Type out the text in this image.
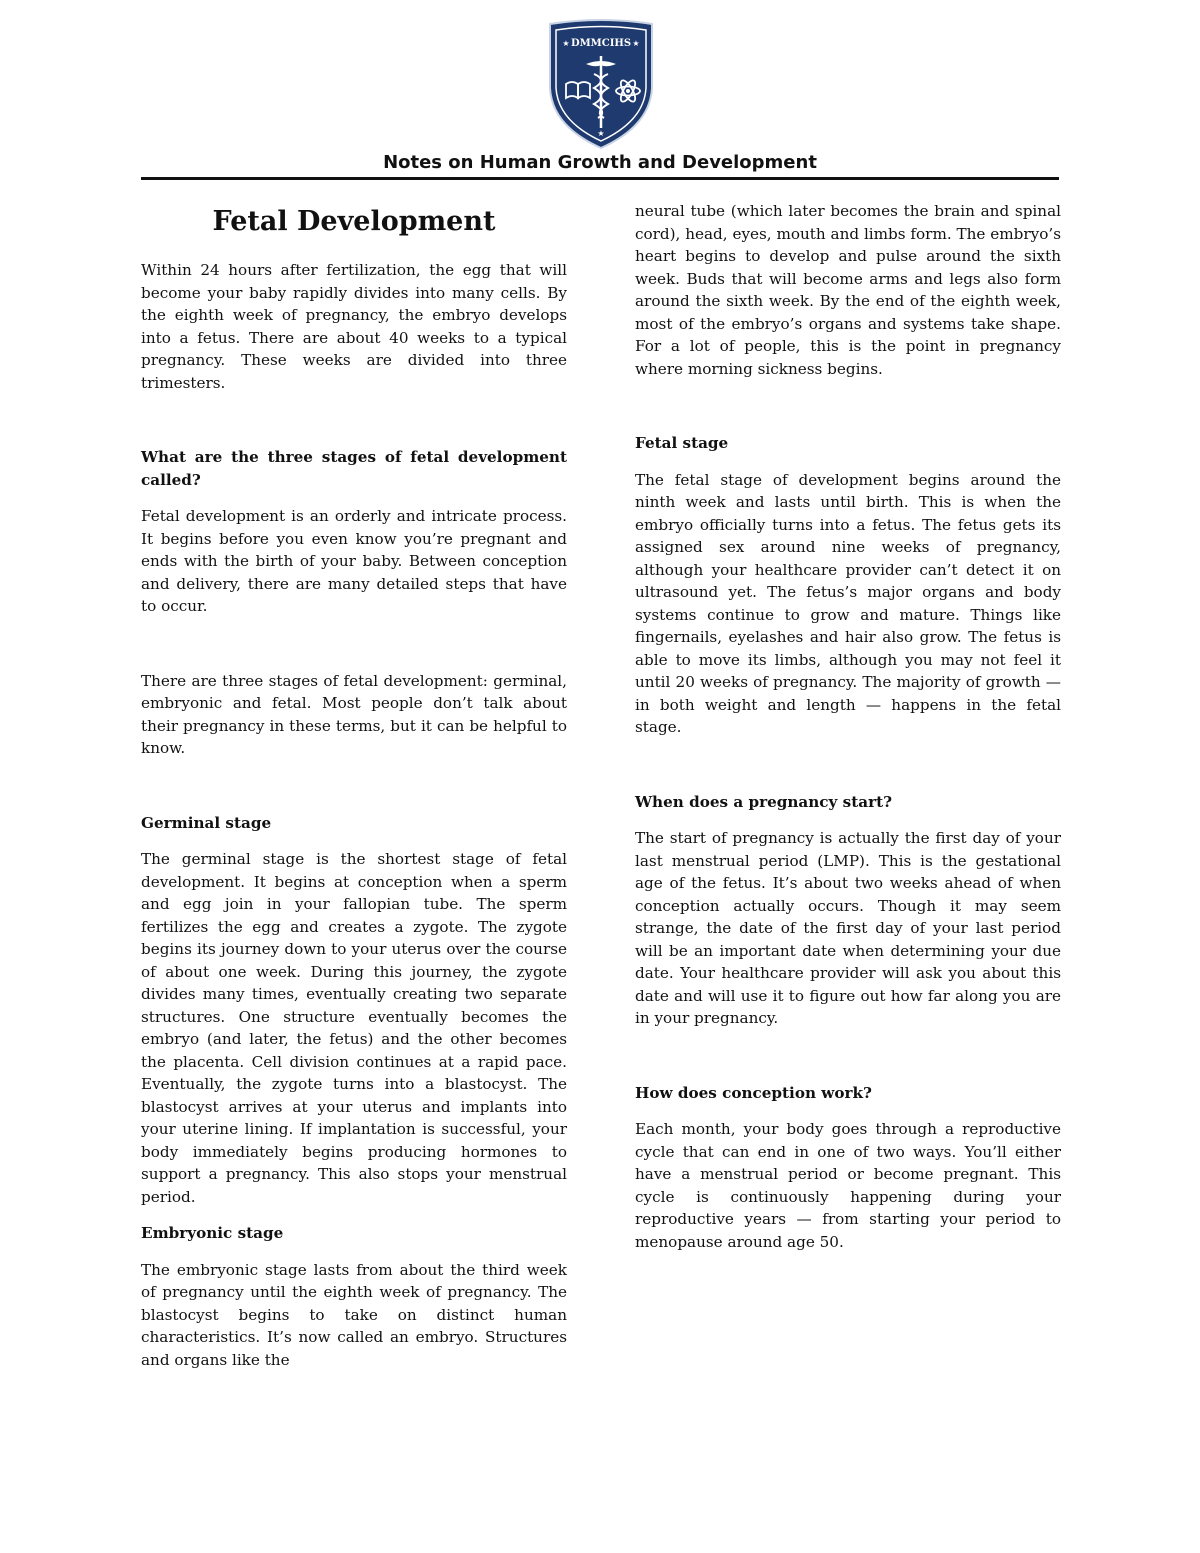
DMMCIHS
★	★
★
Notes on Human Growth and Development
Fetal Development

Within 24 hours after fertilization, the egg that will become your baby rapidly divides into many cells. By the eighth week of pregnancy, the embryo develops into a fetus. There are about 40 weeks to a typical pregnancy. These weeks are divided into three trimesters.

What are the three stages of fetal development called?

Fetal development is an orderly and intricate process. It begins before you even know you’re pregnant and ends with the birth of your baby. Between conception and delivery, there are many detailed steps that have to occur.

There are three stages of fetal development: germinal, embryonic and fetal. Most people don’t talk about their pregnancy in these terms, but it can be helpful to know.

Germinal stage

The germinal stage is the shortest stage of fetal development. It begins at conception when a sperm and egg join in your fallopian tube. The sperm fertilizes the egg and creates a zygote. The zygote begins its journey down to your uterus over the course of about one week. During this journey, the zygote divides many times, eventually creating two separate structures. One structure eventually becomes the embryo (and later, the fetus) and the other becomes the placenta. Cell division continues at a rapid pace. Eventually, the zygote turns into a blastocyst. The blastocyst arrives at your uterus and implants into your uterine lining. If implantation is successful, your body immediately begins producing hormones to support a pregnancy. This also stops your menstrual period.

Embryonic stage

The embryonic stage lasts from about the third week of pregnancy until the eighth week of pregnancy. The blastocyst begins to take on distinct human characteristics. It’s now called an embryo. Structures and organs like the

neural tube (which later becomes the brain and spinal cord), head, eyes, mouth and limbs form. The embryo’s heart begins to develop and pulse around the sixth week. Buds that will become arms and legs also form around the sixth week. By the end of the eighth week, most of the embryo’s organs and systems take shape. For a lot of people, this is the point in pregnancy where morning sickness begins.

Fetal stage

The fetal stage of development begins around the ninth week and lasts until birth. This is when the embryo officially turns into a fetus. The fetus gets its assigned sex around nine weeks of pregnancy, although your healthcare provider can’t detect it on ultrasound yet. The fetus’s major organs and body systems continue to grow and mature. Things like fingernails, eyelashes and hair also grow. The fetus is able to move its limbs, although you may not feel it until 20 weeks of pregnancy. The majority of growth — in both weight and length — happens in the fetal stage.

When does a pregnancy start?

The start of pregnancy is actually the first day of your last menstrual period (LMP). This is the gestational age of the fetus. It’s about two weeks ahead of when conception actually occurs. Though it may seem strange, the date of the first day of your last period will be an important date when determining your due date. Your healthcare provider will ask you about this date and will use it to figure out how far along you are in your pregnancy.

How does conception work?

Each month, your body goes through a reproductive cycle that can end in one of two ways. You’ll either have a menstrual period or become pregnant. This cycle is continuously happening during your reproductive years — from starting your period to menopause around age 50.
